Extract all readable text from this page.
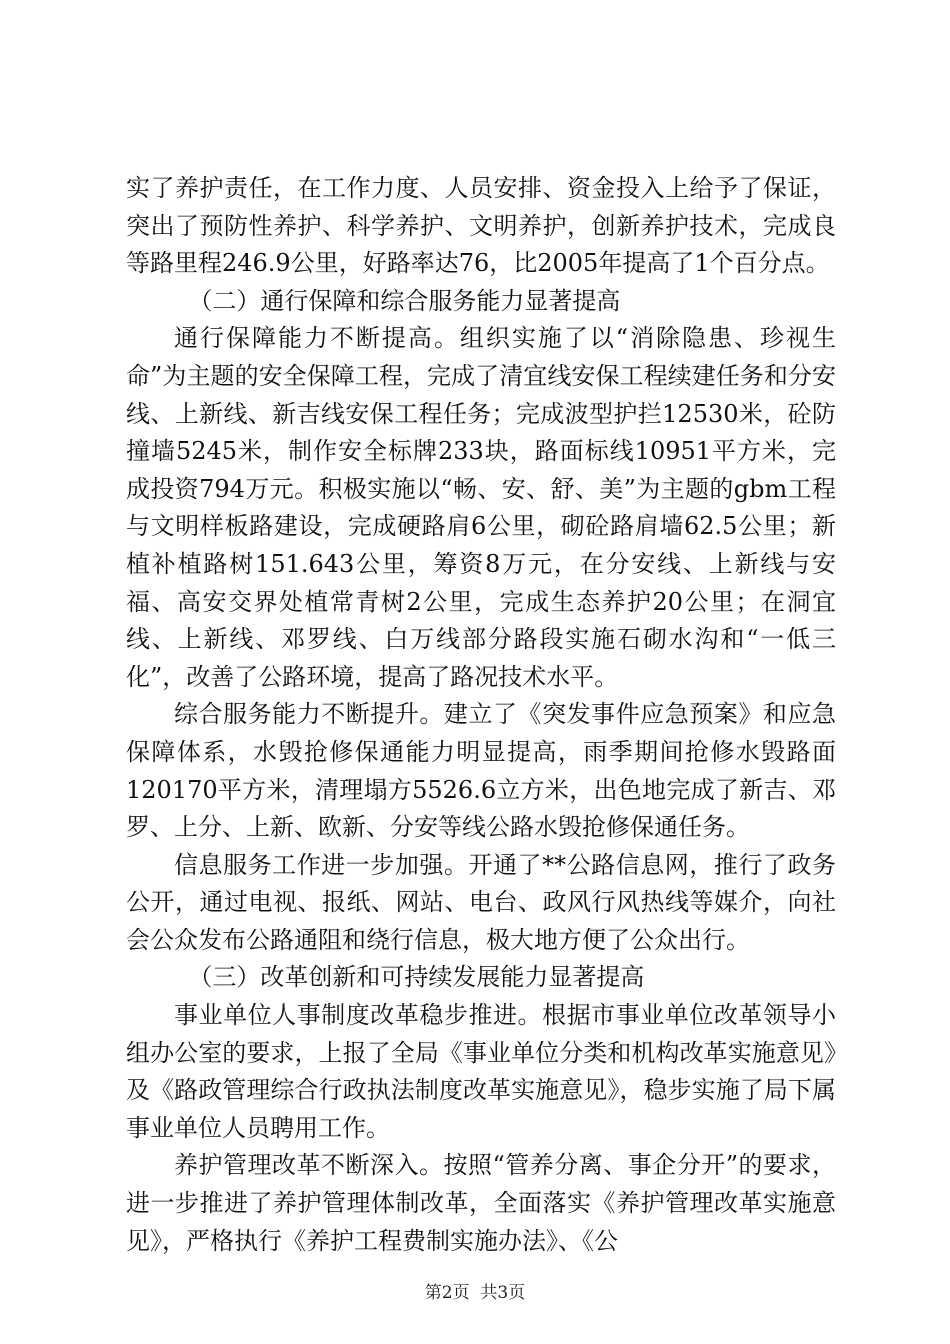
实了养护责任，在工作力度、人员安排、资金投入上给予了保证，突出了预防性养护、科学养护、文明养护，创新养护技术，完成良等路里程246.9公里，好路率达76，比2005年提高了1个百分点。

（二）通行保障和综合服务能力显著提高

通行保障能力不断提高。组织实施了以“消除隐患、珍视生命”为主题的安全保障工程，完成了清宜线安保工程续建任务和分安线、上新线、新吉线安保工程任务；完成波型护拦12530米，砼防撞墙5245米，制作安全标牌233块，路面标线10951平方米，完成投资794万元。积极实施以“畅、安、舒、美”为主题的gbm工程与文明样板路建设，完成硬路肩6公里，砌砼路肩墙62.5公里；新植补植路树151.643公里，筹资8万元，在分安线、上新线与安福、高安交界处植常青树2公里，完成生态养护20公里；在洞宜线、上新线、邓罗线、白万线部分路段实施石砌水沟和“一低三化”，改善了公路环境，提高了路况技术水平。

综合服务能力不断提升。建立了《突发事件应急预案》和应急保障体系，水毁抢修保通能力明显提高，雨季期间抢修水毁路面120170平方米，清理塌方5526.6立方米，出色地完成了新吉、邓罗、上分、上新、欧新、分安等线公路水毁抢修保通任务。

信息服务工作进一步加强。开通了**公路信息网，推行了政务公开，通过电视、报纸、网站、电台、政风行风热线等媒介，向社会公众发布公路通阻和绕行信息，极大地方便了公众出行。

（三）改革创新和可持续发展能力显著提高

事业单位人事制度改革稳步推进。根据市事业单位改革领导小组办公室的要求，上报了全局《事业单位分类和机构改革实施意见》及《路政管理综合行政执法制度改革实施意见》，稳步实施了局下属事业单位人员聘用工作。

养护管理改革不断深入。按照“管养分离、事企分开”的要求，进一步推进了养护管理体制改革，全面落实《养护管理改革实施意见》，严格执行《养护工程费制实施办法》、《公

第2页  共3页
